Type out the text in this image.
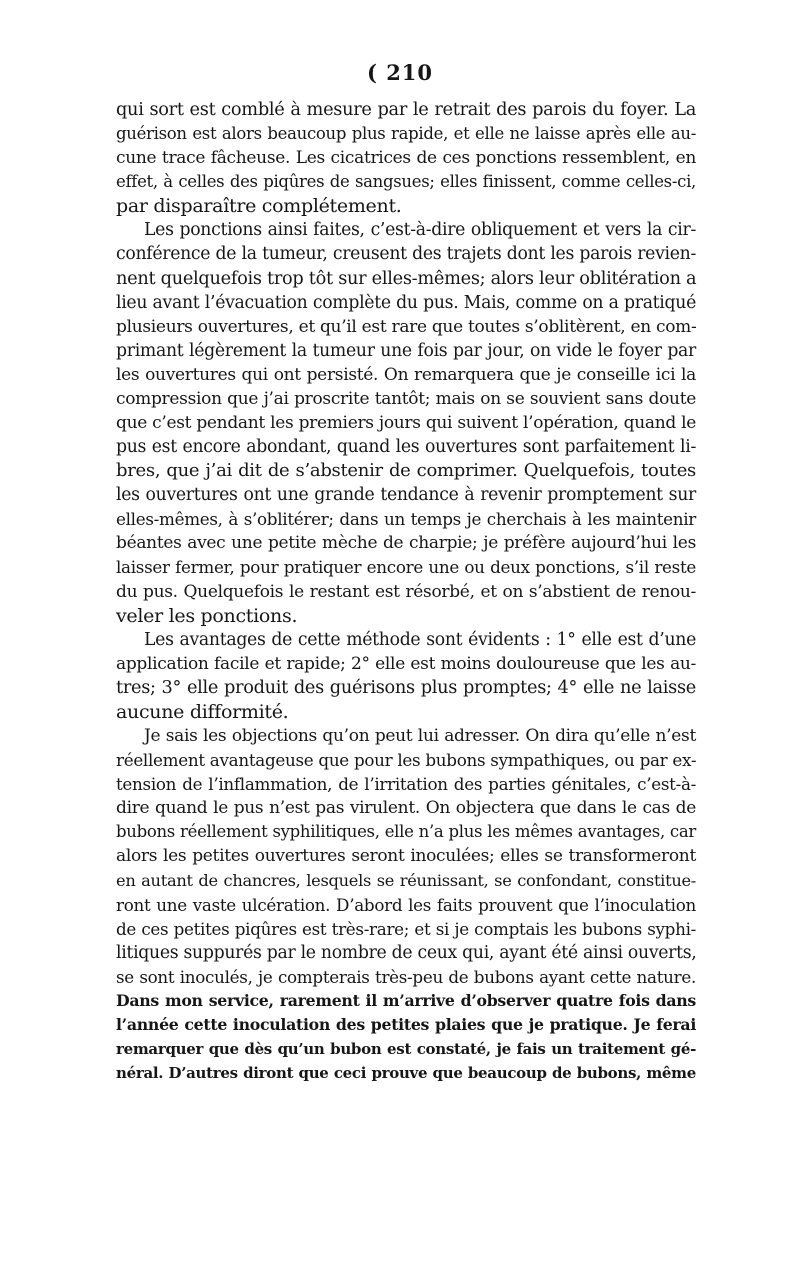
( 210
qui sort est comblé à mesure par le retrait des parois du foyer. La
guérison est alors beaucoup plus rapide, et elle ne laisse après elle au-
cune trace fâcheuse. Les cicatrices de ces ponctions ressemblent, en
effet, à celles des piqûres de sangsues; elles finissent, comme celles-ci,
par disparaître complétement.
Les ponctions ainsi faites, c’est-à-dire obliquement et vers la cir-
conférence de la tumeur, creusent des trajets dont les parois revien-
nent quelquefois trop tôt sur elles-mêmes; alors leur oblitération a
lieu avant l’évacuation complète du pus. Mais, comme on a pratiqué
plusieurs ouvertures, et qu’il est rare que toutes s’oblitèrent, en com-
primant légèrement la tumeur une fois par jour, on vide le foyer par
les ouvertures qui ont persisté. On remarquera que je conseille ici la
compression que j’ai proscrite tantôt; mais on se souvient sans doute
que c’est pendant les premiers jours qui suivent l’opération, quand le
pus est encore abondant, quand les ouvertures sont parfaitement li-
bres, que j’ai dit de s’abstenir de comprimer. Quelquefois, toutes
les ouvertures ont une grande tendance à revenir promptement sur
elles-mêmes, à s’oblitérer; dans un temps je cherchais à les maintenir
béantes avec une petite mèche de charpie; je préfère aujourd’hui les
laisser fermer, pour pratiquer encore une ou deux ponctions, s’il reste
du pus. Quelquefois le restant est résorbé, et on s’abstient de renou-
veler les ponctions.
Les avantages de cette méthode sont évidents : 1° elle est d’une
application facile et rapide; 2° elle est moins douloureuse que les au-
tres; 3° elle produit des guérisons plus promptes; 4° elle ne laisse
aucune difformité.
Je sais les objections qu’on peut lui adresser. On dira qu’elle n’est
réellement avantageuse que pour les bubons sympathiques, ou par ex-
tension de l’inflammation, de l’irritation des parties génitales, c’est-à-
dire quand le pus n’est pas virulent. On objectera que dans le cas de
bubons réellement syphilitiques, elle n’a plus les mêmes avantages, car
alors les petites ouvertures seront inoculées; elles se transformeront
en autant de chancres, lesquels se réunissant, se confondant, constitue-
ront une vaste ulcération. D’abord les faits prouvent que l’inoculation
de ces petites piqûres est très-rare; et si je comptais les bubons syphi-
litiques suppurés par le nombre de ceux qui, ayant été ainsi ouverts,
se sont inoculés, je compterais très-peu de bubons ayant cette nature.
Dans mon service, rarement il m’arrive d’observer quatre fois dans
l’année cette inoculation des petites plaies que je pratique. Je ferai
remarquer que dès qu’un bubon est constaté, je fais un traitement gé-
néral. D’autres diront que ceci prouve que beaucoup de bubons, même
